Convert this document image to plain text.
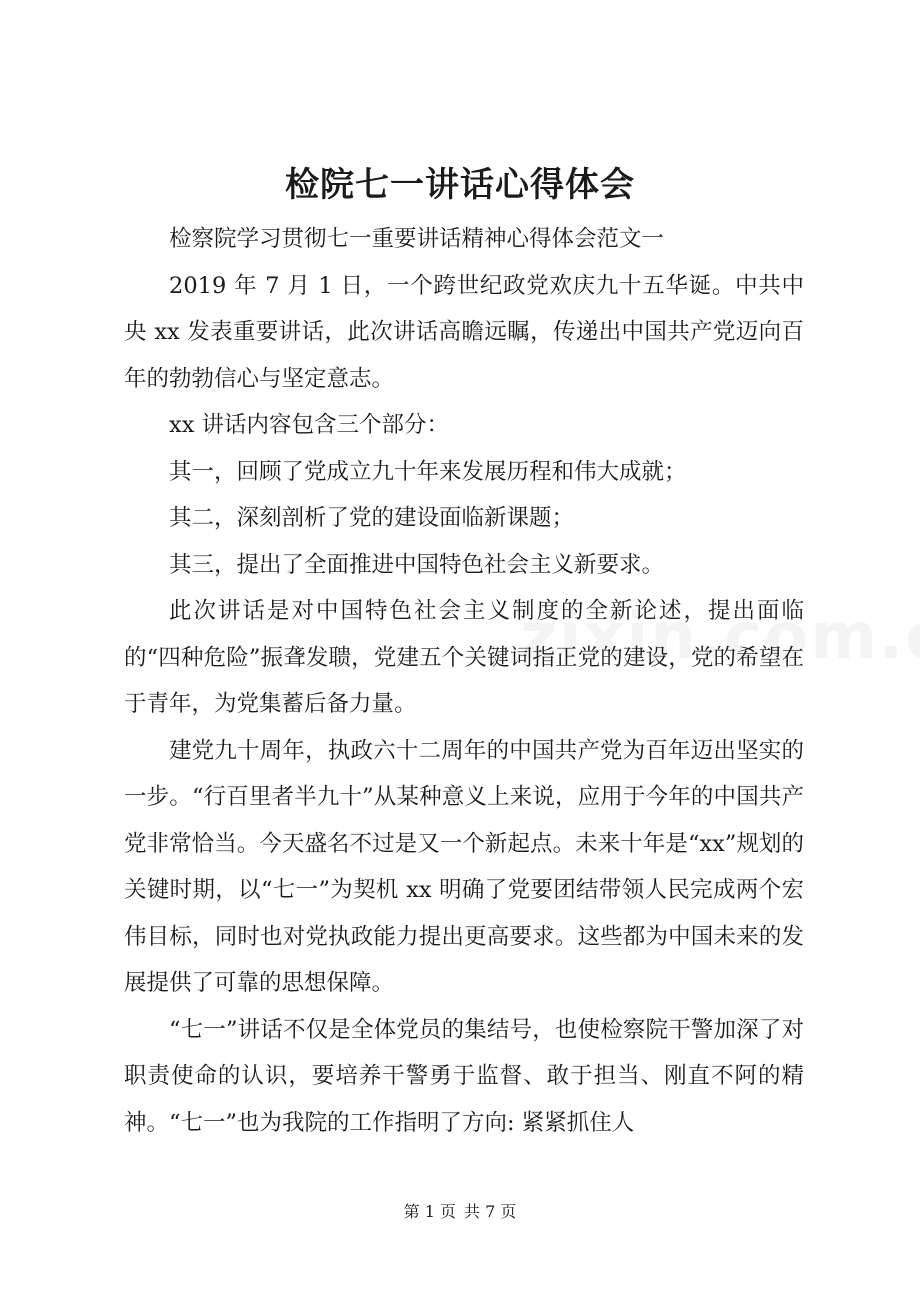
检院七一讲话心得体会

检察院学习贯彻七一重要讲话精神心得体会范文一

2019 年 7 月 1 日，一个跨世纪政党欢庆九十五华诞。中共中央 xx 发表重要讲话，此次讲话高瞻远瞩，传递出中国共产党迈向百年的勃勃信心与坚定意志。

xx 讲话内容包含三个部分：

其一，回顾了党成立九十年来发展历程和伟大成就；

其二，深刻剖析了党的建设面临新课题；

其三，提出了全面推进中国特色社会主义新要求。

此次讲话是对中国特色社会主义制度的全新论述，提出面临的“四种危险”振聋发聩，党建五个关键词指正党的建设，党的希望在于青年，为党集蓄后备力量。

建党九十周年，执政六十二周年的中国共产党为百年迈出坚实的一步。“行百里者半九十”从某种意义上来说，应用于今年的中国共产党非常恰当。今天盛名不过是又一个新起点。未来十年是“xx”规划的关键时期，以“七一”为契机 xx 明确了党要团结带领人民完成两个宏伟目标，同时也对党执政能力提出更高要求。这些都为中国未来的发展提供了可靠的思想保障。

“七一”讲话不仅是全体党员的集结号，也使检察院干警加深了对职责使命的认识，要培养干警勇于监督、敢于担当、刚直不阿的精神。“七一”也为我院的工作指明了方向: 紧紧抓住人

第 1 页 共 7 页
